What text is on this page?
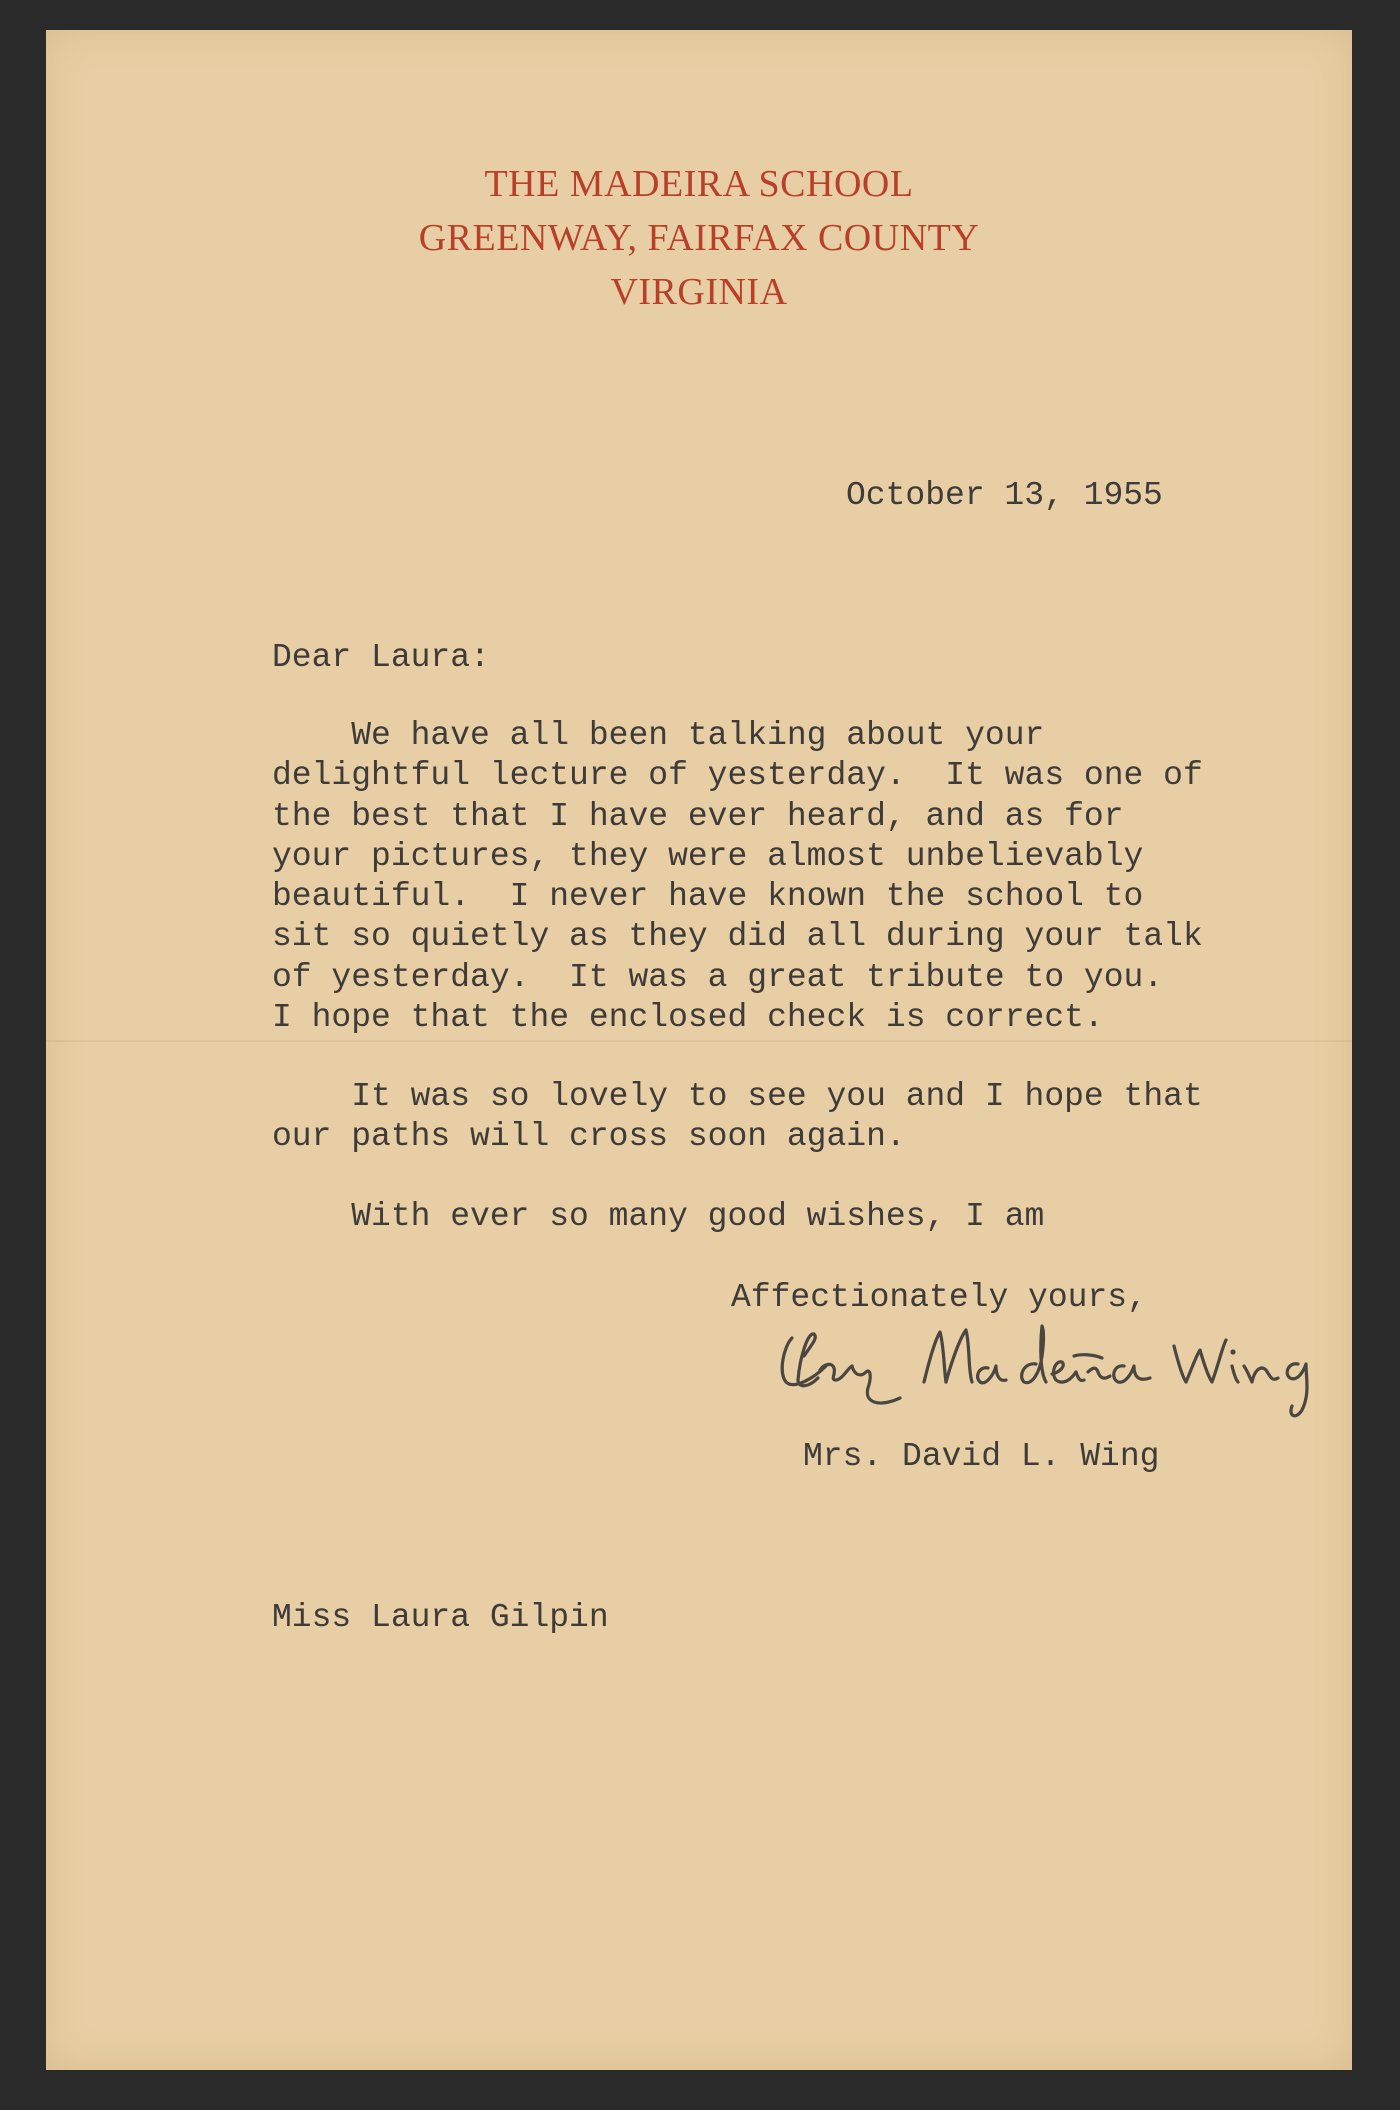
THE MADEIRA SCHOOL
GREENWAY, FAIRFAX COUNTY
VIRGINIA
October 13, 1955
Dear Laura:
We have all been talking about your
delightful lecture of yesterday.  It was one of
the best that I have ever heard, and as for
your pictures, they were almost unbelievably
beautiful.  I never have known the school to
sit so quietly as they did all during your talk
of yesterday.  It was a great tribute to you.
I hope that the enclosed check is correct.
It was so lovely to see you and I hope that
our paths will cross soon again.
With ever so many good wishes, I am
Affectionately yours,
Mrs. David L. Wing
Miss Laura Gilpin
